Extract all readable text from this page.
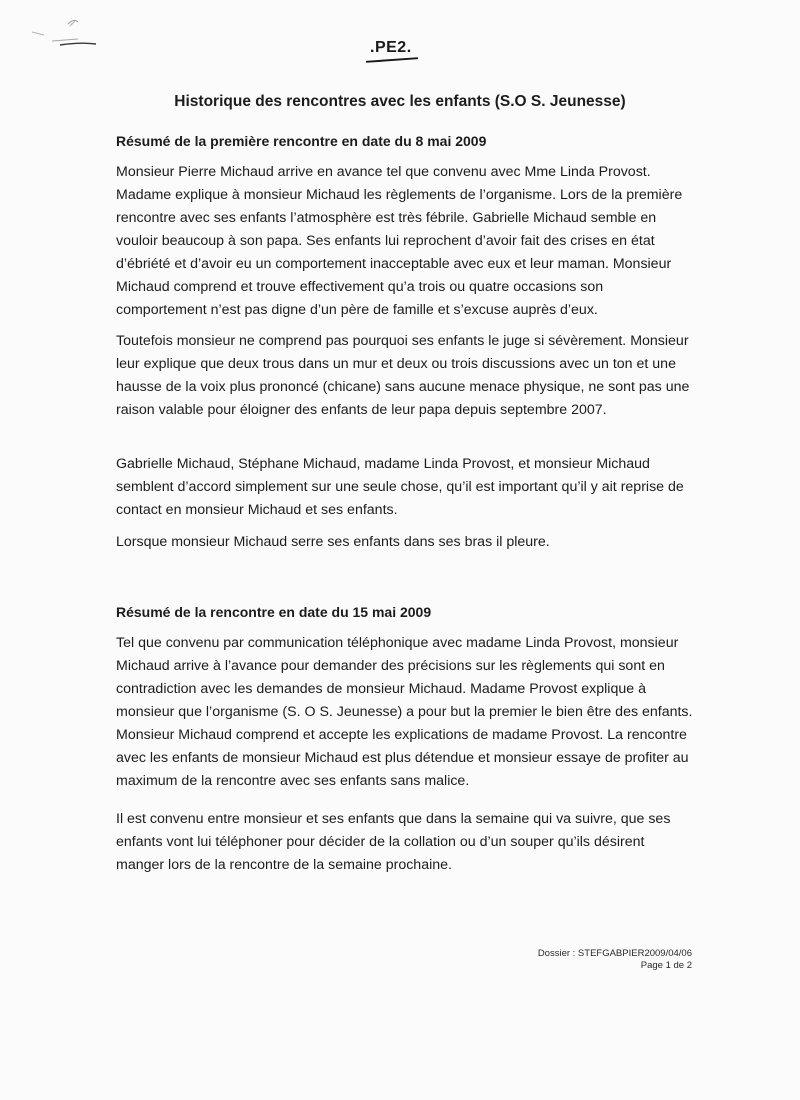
.PE2.
Historique des rencontres avec les enfants (S.O S. Jeunesse)
Résumé de la première rencontre en date du 8 mai 2009

Monsieur Pierre Michaud arrive en avance tel que convenu avec Mme Linda Provost. Madame explique à monsieur Michaud les règlements de l’organisme. Lors de la première rencontre avec ses enfants l’atmosphère est très fébrile. Gabrielle Michaud semble en vouloir beaucoup à son papa. Ses enfants lui reprochent d’avoir fait des crises en état d’ébriété et d’avoir eu un comportement inacceptable avec eux et leur maman. Monsieur Michaud comprend et trouve effectivement qu’a trois ou quatre occasions son comportement n’est pas digne d’un père de famille et s’excuse auprès d’eux.

Toutefois monsieur ne comprend pas pourquoi ses enfants le juge si sévèrement. Monsieur leur explique que deux trous dans un mur et deux ou trois discussions avec un ton et une hausse de la voix plus prononcé (chicane) sans aucune menace physique, ne sont pas une raison valable pour éloigner des enfants de leur papa depuis septembre 2007.

Gabrielle Michaud, Stéphane Michaud, madame Linda Provost, et monsieur Michaud semblent d’accord simplement sur une seule chose, qu’il est important qu’il y ait reprise de contact en monsieur Michaud et ses enfants.

Lorsque monsieur Michaud serre ses enfants dans ses bras il pleure.

Résumé de la rencontre en date du 15 mai 2009

Tel que convenu par communication téléphonique avec madame Linda Provost, monsieur Michaud arrive à l’avance pour demander des précisions sur les règlements qui sont en contradiction avec les demandes de monsieur Michaud. Madame Provost explique à monsieur que l’organisme (S. O S. Jeunesse) a pour but la premier le bien être des enfants. Monsieur Michaud comprend et accepte les explications de madame Provost. La rencontre avec les enfants de monsieur Michaud est plus détendue et monsieur essaye de profiter au maximum de la rencontre avec ses enfants sans malice.

Il est convenu entre monsieur et ses enfants que dans la semaine qui va suivre, que ses enfants vont lui téléphoner pour décider de la collation ou d’un souper qu’ils désirent manger lors de la rencontre de la semaine prochaine.

Dossier : STEFGABPIER2009/04/06
Page 1 de 2
